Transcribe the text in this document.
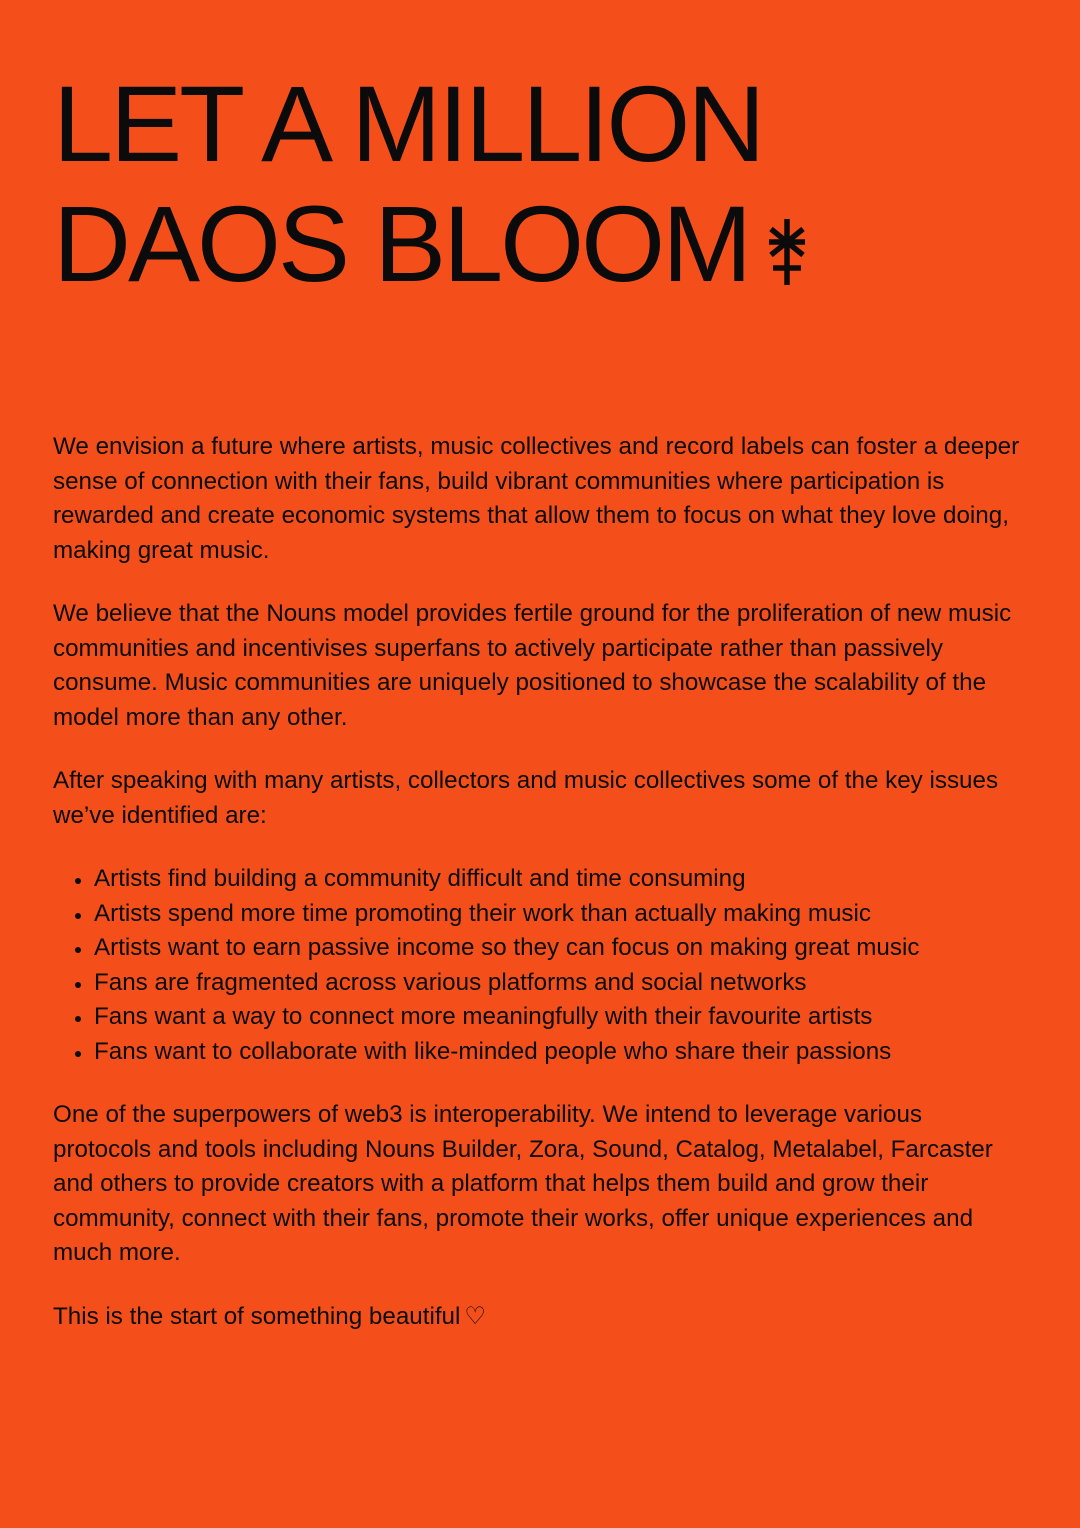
LET A MILLION
DAOS BLOOM

We envision a future where artists, music collectives and record labels can foster a deeper sense of connection with their fans, build vibrant communities where participation is rewarded and create economic systems that allow them to focus on what they love doing, making great music.

We believe that the Nouns model provides fertile ground for the proliferation of new music communities and incentivises superfans to actively participate rather than passively consume. Music communities are uniquely positioned to showcase the scalability of the model more than any other.

After speaking with many artists, collectors and music collectives some of the key issues we’ve identified are:

• Artists find building a community difficult and time consuming
• Artists spend more time promoting their work than actually making music
• Artists want to earn passive income so they can focus on making great music
• Fans are fragmented across various platforms and social networks
• Fans want a way to connect more meaningfully with their favourite artists
• Fans want to collaborate with like-minded people who share their passions

One of the superpowers of web3 is interoperability. We intend to leverage various protocols and tools including Nouns Builder, Zora, Sound, Catalog, Metalabel, Farcaster and others to provide creators with a platform that helps them build and grow their community, connect with their fans, promote their works, offer unique experiences and much more.

This is the start of something beautiful ♡
